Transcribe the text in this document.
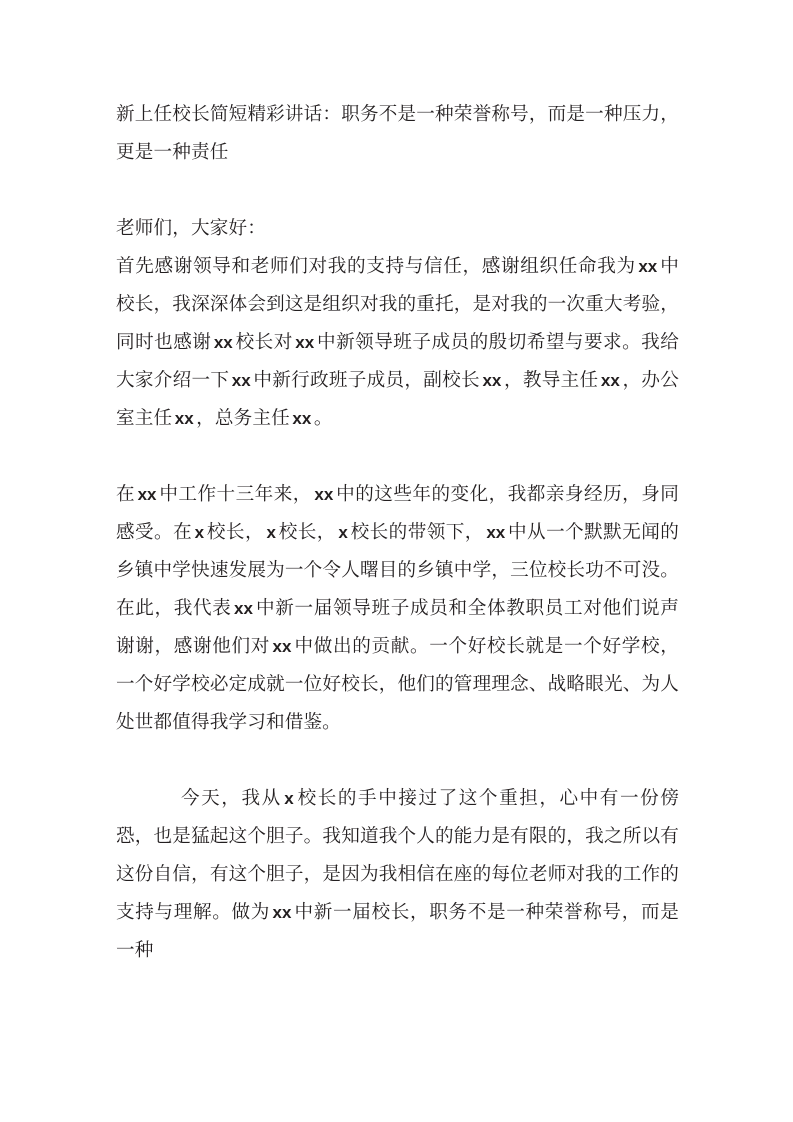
新上任校长简短精彩讲话：职务不是一种荣誉称号，而是一种压力，更是一种责任

老师们，大家好：

首先感谢领导和老师们对我的支持与信任，感谢组织任命我为 xx 中校长，我深深体会到这是组织对我的重托，是对我的一次重大考验，同时也感谢 xx 校长对 xx 中新领导班子成员的殷切希望与要求。我给大家介绍一下 xx 中新行政班子成员，副校长 xx ，教导主任 xx ，办公室主任 xx ，总务主任 xx 。

在 xx 中工作十三年来， xx 中的这些年的变化，我都亲身经历，身同感受。在 x 校长， x 校长， x 校长的带领下， xx 中从一个默默无闻的乡镇中学快速发展为一个令人曙目的乡镇中学，三位校长功不可没。在此，我代表 xx 中新一届领导班子成员和全体教职员工对他们说声谢谢，感谢他们对 xx 中做出的贡献。一个好校长就是一个好学校，一个好学校必定成就一位好校长，他们的管理理念、战略眼光、为人处世都值得我学习和借鉴。

今天，我从 x 校长的手中接过了这个重担，心中有一份傍恐，也是猛起这个胆子。我知道我个人的能力是有限的，我之所以有这份自信，有这个胆子，是因为我相信在座的每位老师对我的工作的支持与理解。做为 xx 中新一届校长，职务不是一种荣誉称号，而是一种
